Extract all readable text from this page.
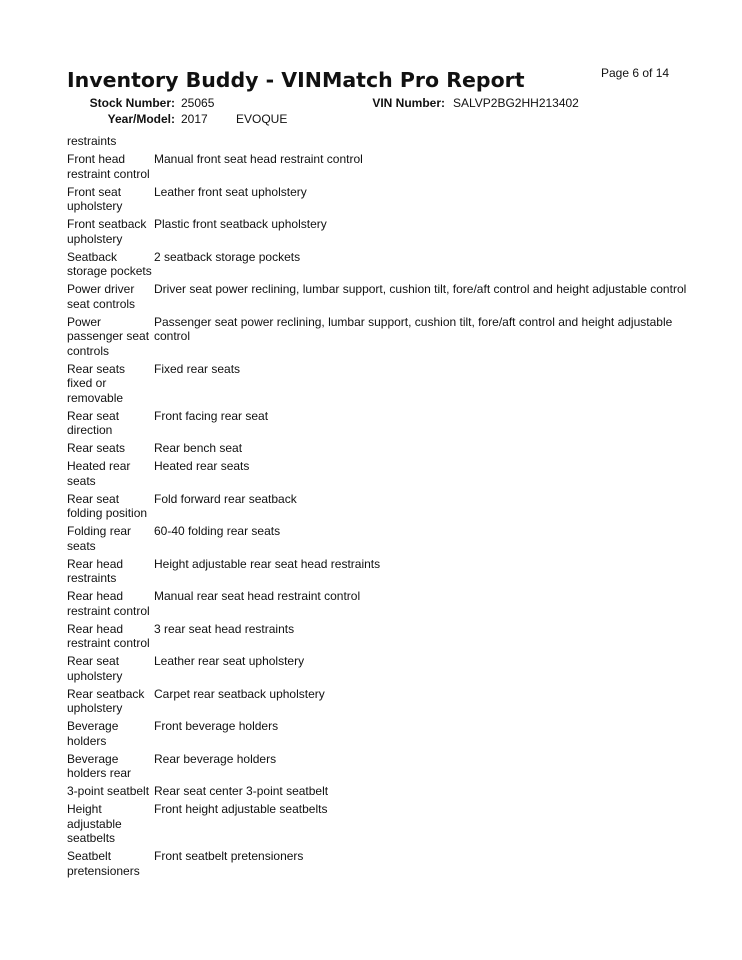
Page 6 of 14
Inventory Buddy - VINMatch Pro Report
Stock Number: 25065	VIN Number: SALVP2BG2HH213402
Year/Model: 2017 EVOQUE
restraints
Front head restraint control
Manual front seat head restraint control
Front seat upholstery
Leather front seat upholstery
Front seatback upholstery
Plastic front seatback upholstery
Seatback storage pockets
2 seatback storage pockets
Power driver seat controls
Driver seat power reclining, lumbar support, cushion tilt, fore/aft control and height adjustable control
Power passenger seat controls
Passenger seat power reclining, lumbar support, cushion tilt, fore/aft control and height adjustable control
Rear seats fixed or removable
Fixed rear seats
Rear seat direction
Front facing rear seat
Rear seats	Rear bench seat
Heated rear seats
Heated rear seats
Rear seat folding position
Fold forward rear seatback
Folding rear seats
60-40 folding rear seats
Rear head restraints
Height adjustable rear seat head restraints
Rear head restraint control
Manual rear seat head restraint control
Rear head restraint control
3 rear seat head restraints
Rear seat upholstery
Leather rear seat upholstery
Rear seatback upholstery
Carpet rear seatback upholstery
Beverage holders
Front beverage holders
Beverage holders rear
Rear beverage holders
3-point seatbelt Rear seat center 3-point seatbelt
Height adjustable seatbelts
Front height adjustable seatbelts
Seatbelt pretensioners
Front seatbelt pretensioners
